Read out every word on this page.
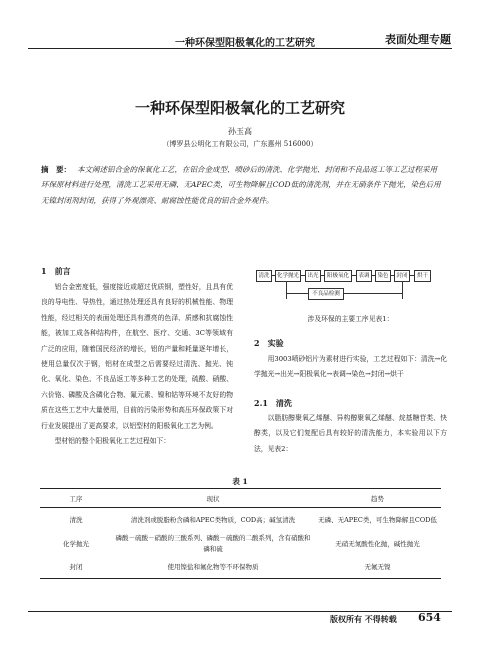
一种环保型阳极氧化的工艺研究	表面处理专题
一种环保型阳极氧化的工艺研究
孙玉高
（博罗县公明化工有限公司，广东惠州 516000）
摘　要： 本文阐述铝合金的保氧化工艺，在铝合金成型、喷砂后的清洗、化学抛光、封闭和不良品返工等工艺过程采用环保原材料进行处理，清洗工艺采用无磷、无APEC类，可生物降解且COD低的清洗剂，并在无硝条件下抛光，染色后用无镍封闭剂封闭，获得了外观漂亮、耐腐蚀性能优良的铝合金外观件。
1　前言

铝合金密度低，强度接近或超过优质钢，塑性好，且具有优良的导电性、导热性，通过热处理还具有良好的机械性能、物理性能，经过相关的表面处理还具有漂亮的色泽、质感和抗腐蚀性能，被加工成各种结构件，在航空、医疗、交通、3C等领域有广泛的应用，随着国民经济的增长，铝的产量和耗量逐年增长，使用总量仅次于钢，铝材在成型之后需要经过清洗、抛光、钝化、氧化、染色、不良品返工等多种工艺的处理，硫酸、硝酸、六价铬、磷酸及含磷化合物、氟元素、镍和钴等环境不友好的物质在这些工艺中大量使用，目前的污染形势和高压环保政策下对行业发展提出了更高要求，以铝型材的阳极氧化工艺为例。

型材铝的整个阳极氧化工艺过程如下：

清洗	化学抛光	出光	阳极氧化	表调	染色	封闭	烘干
不良品检测
涉及环保的主要工序见表1：
2　实验

用3003喷砂铝片为素材进行实验，工艺过程如下：清洗→化学抛光→出光→阳极氧化→表调→染色→封闭→烘干

2.1　清洗

以脂肪醇聚氧乙烯醚、异构醇聚氧乙烯醚、烷基糖苷类、快醇类，以及它们复配后具有较好的清洗能力，本实验用以下方法，见表2：

表 1
工序	现状	趋势
清洗	清洗剂或脱脂粉含磷和APEC类物质，COD高；碱氢清洗	无磷、无APEC类，可生物降解且COD低
化学抛光	磷酸－硫酸－硝酸的三酸系列、磷酸－硫酸的二酸系列，含有硝酸和磷和硫	无硝无氮酸性化抛，碱性抛光
封闭	使用镍盐和氟化物等不环保物质	无氟无镍
版权所有 不得转载 654
